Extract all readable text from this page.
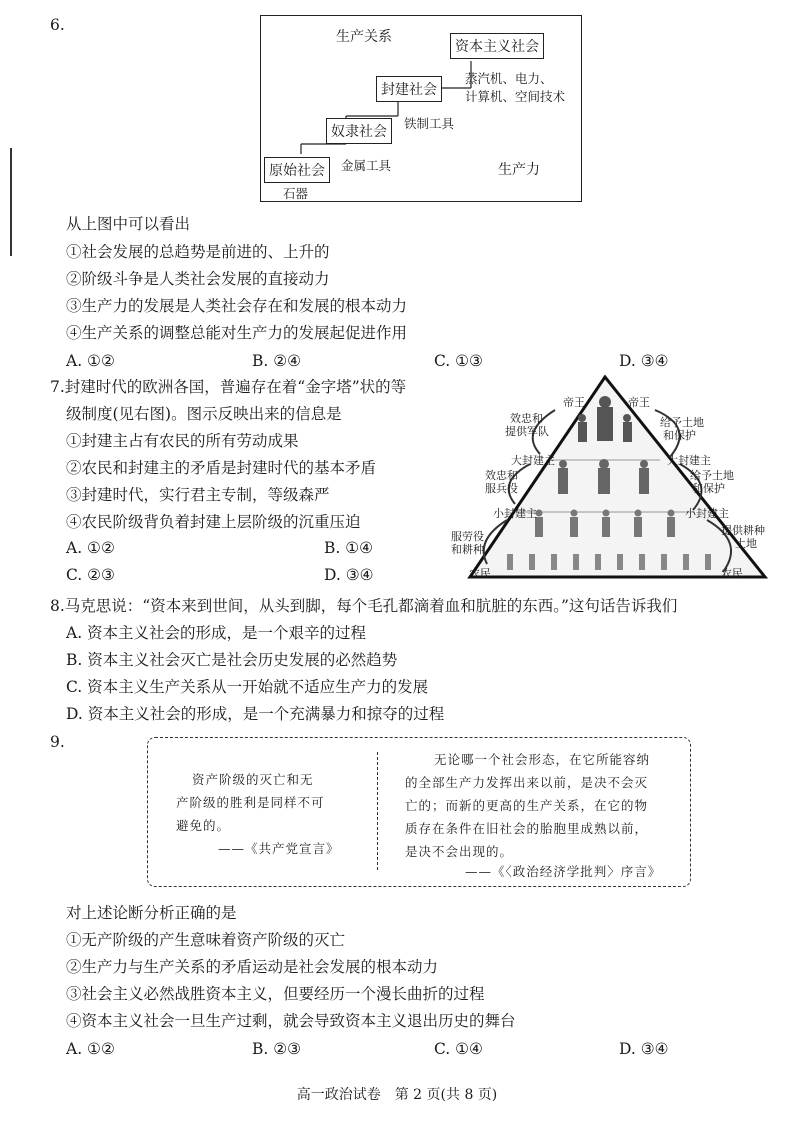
6.
生产关系
生产力
原始社会
奴隶社会
封建社会
资本主义社会
石器
金属工具
铁制工具
蒸汽机、电力、
计算机、空间技术
从上图中可以看出
①社会发展的总趋势是前进的、上升的
②阶级斗争是人类社会发展的直接动力
③生产力的发展是人类社会存在和发展的根本动力
④生产关系的调整总能对生产力的发展起促进作用
A. ①②	B. ②④	C. ①③	D. ③④
7.封建时代的欧洲各国，普遍存在着“金字塔”状的等
级制度(见右图)。图示反映出来的信息是
①封建主占有农民的所有劳动成果
②农民和封建主的矛盾是封建时代的基本矛盾
③封建时代，实行君主专制，等级森严
④农民阶级背负着封建上层阶级的沉重压迫
A. ①②	B. ①④
C. ②③	D. ③④
帝王	帝王
效忠和
提供军队
给予土地
和保护
大封建主	大封建主
效忠和
服兵役
给予土地
和保护
小封建主	小封建主
服劳役
和耕种
提供耕种
土地
农民	农民
8.马克思说：“资本来到世间，从头到脚，每个毛孔都滴着血和肮脏的东西。”这句话告诉我们
A. 资本主义社会的形成，是一个艰辛的过程
B. 资本主义社会灭亡是社会历史发展的必然趋势
C. 资本主义生产关系从一开始就不适应生产力的发展
D. 资本主义社会的形成，是一个充满暴力和掠夺的过程
9.
资产阶级的灭亡和无
产阶级的胜利是同样不可
避免的。
——《共产党宣言》
无论哪一个社会形态，在它所能容纳
的全部生产力发挥出来以前，是决不会灭
亡的；而新的更高的生产关系，在它的物
质存在条件在旧社会的胎胞里成熟以前，
是决不会出现的。
——《〈政治经济学批判〉序言》
对上述论断分析正确的是
①无产阶级的产生意味着资产阶级的灭亡
②生产力与生产关系的矛盾运动是社会发展的根本动力
③社会主义必然战胜资本主义，但要经历一个漫长曲折的过程
④资本主义社会一旦生产过剩，就会导致资本主义退出历史的舞台
A. ①②	B. ②③	C. ①④	D. ③④
高一政治试卷　第 2 页(共 8 页)
